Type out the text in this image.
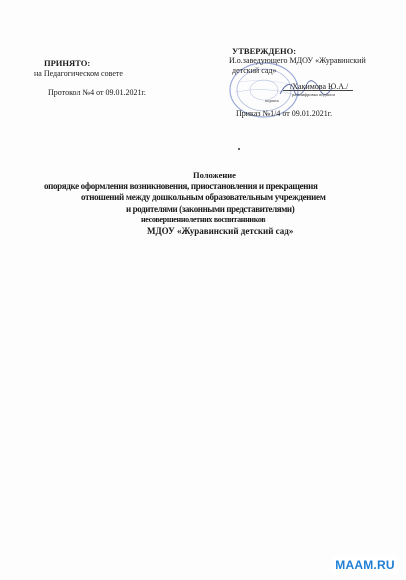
ПРИНЯТО:
на Педагогическом совете
Протокол №4 от 09.01.2021г.
УТВЕРЖДЕНО:
И.о.заведующего МДОУ «Журавинский
детский сад»
/Хакимова Ю.А./
расшифровка подписи
подпись
Приказ №1/4 от 09.01.2021г.
Положение
опорядке оформления возникновения, приостановления и прекращения
отношений между дошкольным образовательным учреждением
и родителями (законными представителями)
несовершеннолетних воспитанников
МДОУ «Журавинский детский сад»
MAAM.RU
